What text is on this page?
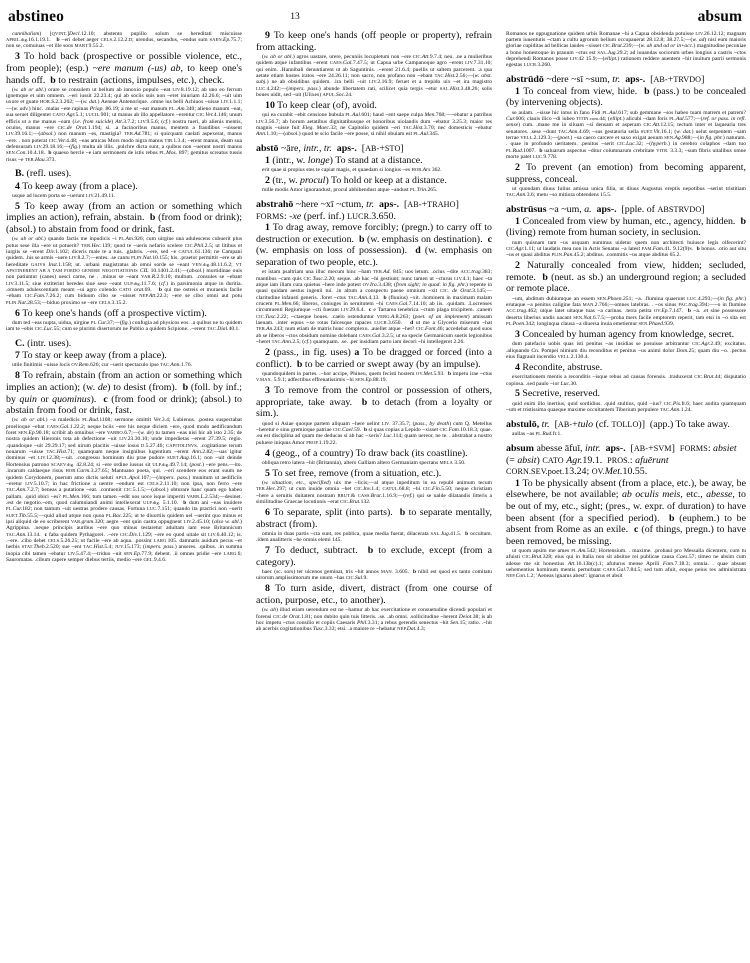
abstineo	13	absum

cannibalism) [QVINT.]Decl.12.10; abstento pupillo solum se hereditati miscuisse APRIL.dig.16.1.19.1.   b ~eri debet aeger CELS.2.12.2.D; urendus, secandus, ~endus sum SAEN.Ep.75.7; non se, comuiuas ~et ille soos MART.9.55.2.

3 To hold back (prospective or possible violence, etc., from people); (esp.) ~ere manum (-us) ab, to keep one's hands off.  b to restrain (actions, impulses, etc.), check.

(w. ab or abl.) orare se consulem ut bellum ab innoxio populo ~eat LIV.8.19.12; ab uno eo ferrum ignemque et uim omnem. .~eri iussit 22.23.4; qui ab sociis suis non ~eret iniuriam 42.26.6; ~uit uim uxore et guato HOR.S.2.3.202; —(w. dat.) Aeneae Antenorique. .omne ius belli Achiuos ~uisse LIV.1.1.1;—(w. adv.) hinc. .malas ~ete rapinas Priap. 86.19; a me ut ~eat manum PL..Am.340; alieno manum ~eat, sua seruet diligenter CATO Agr.5.1; LUCIL.901; ut manus ab illo appellatore ~erentur CIC.Ver.4.146; unum efficis ut a me manus ~eam (i.e. from suicide) Att.3.7.2; LIV.9.5.6; (cf.) nostra tueri, ab alienis mentis, oculos, manus ~ere CIC.de Orat.1.194; si. .a facinoribus manus, mentem a fraudibus ~uissent LIV.39.16.1;—(absol.) non manum ~es, mastigia? TER.Ad.781; si quicquam caelati aspexerat, manus ~ere. . non poterat CIC.Ver.4.48; ~eas amicas Mors modo nigra manus TIB.1.3.4; ~erent manus, deam sua defensuram LIV.29.18.16;—(fig.) multa ab illis. .pulchre dicta sunt, a quibus non ~uerunt nostri manus SEN.Con.10.4.18.  b quaeso hercle ~e iam sermonem de istis rebus PL.Mos. 897; gemitus screatus tussis risus ~e TER.Hau.373.

B. (refl. uses).

4 To keep away (from a place).

usque ad lucem porta se ~uerunt LIV.21.49.11.

5 To keep away (from an action or something which implies an action), refrain, abstain.  b (from food or drink); (absol.) to abstain from food or drink, fast.

(w. ab or abl.) quando factis me inpudicis ~i PL.Am.926; cum uirgine una adulescens cubuerit plus potus sese illa ~ere ut potuerit? TER.Hec.139; quod te ~ueris nefario scelere CIC.Phil.2.5; ut litibus et iurgiis se ~erent Div.1.102; diceris male te a tuis. .glabris. .~ere, sed ~e CATUL.61.136; ne Campani quidem. .his se armis ~uere LIV.8.2.7;—entes. .se cantu PLIN.Nat.10.155; his. .praetor permittit ~ere se ab hereditate GAIVS Inst.1.158; ut. .urbani magistratus ab omni sorde se ~eant VEN.dig.48.11.6.2; VT APSTINERENT AB A TAM FOEDO GENERE NEGOTIATIONIS CIL 10.1401.2.41;—(absol.) mortidinae ouis non patiuntur (canes) uesci carne, ne . .minus se ~eant VAR.R.2.9.10; multum. .consules se ~ebant LIV.3.11.5; siue extiterint heredes siue sese ~eant ULP.dig.11.7.6; (cf.) in parsimonia atque in duritia. .omnem adulescentiam meam ~ui agro colendo CATO orat.69.   b qui me ostreis et muraenis facile ~ebam CIC.Fam.7.26.2; cum biduum cibo se ~uisset NEP.Att.22.3; ~ere se cibo omni aut potu PLIN.Nat.28.53;—biduo proximo se ~ere CELS.3.15.2.

6 To keep one's hands (off a prospective victim).

dum ted ~eas nupta, uidua, uirgine PL.Cur.37;—(fig.) confugia ad physicos eos. .a quibus ne tu quidem iam te ~ebis CIC.Luc.55; cum se plurimi disertorum ne Publio a quidem Scipione. .~erent TAC.Dial.40.1.

C. (intr. uses).

7 To stay or keep away (from a place).

utile finitimis ~uisse locis OV.Rem.626; cur ~uerit spectaculo ipse TAC.Ann.1.76.

8 To refrain, abstain (from an action or something which implies an action); (w. de) to desist (from).  b (foll. by inf.; by quin or quominus).  c (from food or drink); (absol.) to abstain from food or drink, fast.

(w. ab or abl.) ~a maledicis PL.Rud.1108; sermone omittit Ver.3.4; Lubienus. .postea suspectabat proelioque ~ebat CAES.Gal.1.22.2; neque bciis ~ere his neque diciem ~ere, quod modo aedificandum foret SEN.Ep.90.18; scribit ab omnibus ~ere VARRO.6.7;—(w. de) tu tamen ~eas nisi hic ab isto 2.35; de nostra quidem Hieronis tota ab defectione ~uit LIV.23.30.10; unde impedietas ~erent 27.39.5; regio. .quandoque ~uit 29.29.17; sed uirum placitis ~uisse iosus D.5.27.46; CAPITOLINVS. .cogitatione rerum nouarum ~uisse TAC.Hist.71; quamquam neque insignibus lugentium ~erent Ann.2.82;—uas igitur dominus ~et LIV.12.38;—uit. .congressu hominum diu prae pudore SUET.Aug.16.1; non ~uit deinde Hortensius patrono SCAEV.dig. 42.8.24; si ~ere ordine iussus sit ULP.dig.49.7.14; (post.) ~ere pens.—ito. .inrarum caldaeque risus HOR.Carm.3.27.65; Mantuano poeta, qui. .~eri scendere eos erant suum ne quidem Corydonem, puerum amo dictis ueluti APUL.Apol.107;—(impers. pass.) munitum ut aedificiis ~eretur LIV.5.10.7; in hac frictione a uentre ~endum est CELS.2.11.10; non ipsa, non ferro ~ere TAC.Ann.7.2.7; beneas a putatione ~eat. .contuenit CIC.5.1.5;—(absol.) obturare hanc quam ego habeo pallam. .quid obici ~es? PL.Men.166; tum tamen ~edit uos uoce isque imperiti VARR.L.2.534;—desinet. .est de negotio.~em, quod calumniandi animi intellexerat ULP.dig. 5.1.10.  b dum ani ~eas inuidere PL.Cur.182; non tantum ~uit uestras prodere causas. Fortuna LUC.7.151; quando ita practici non ~uerit SUET.Tib.55.5;—quid aliud atque non quoa PL.Bac.225; ut te diuortiis quidem uel ~uerint quo minus et ipsi aliquid de eo scriberent VAR.gram.320; aegre ~ent quin castra oppugnent LIV.2.45.10; (also w. abl.) Agrippina. .neque principis auribus ~ere quo minus testaretur adultam iam esse Britannicum TAC.Ann.13.14.  c faba quidem Pythagorei. .~ere CIC.Div.1.129; ~ere eo quod uitale sit LIV.6.40.12; is. .~ere. .cibo debet CELS.5.26.25; ut facile ~ere ab aqua. .possint LARG.105. damnatis auidum pecus ~et herbis STAT.Theb.2.520; sue ~ent TAC.Hist.5.4; JUV.15.173; (impers. pass.) anseres. .quibus. .in summa inopia cibi tamen ~ebatur LIV.5.47.4;—triduo ~uit SEN.Ep.77.9; debent. .ii omnes pridie ~ere LARG.6; Sauromatas. .cibum capere semper diebus tertiis, medio ~ere GEL.9.4.6.

9 To keep one's hands (off people or property), refrain from attacking.

(w. ab or abl.) agros uastare, urere, pecuniis locupletum non ~ere CIC.Att.9.7.4; neu. .ne a mulieribus quidem atque infantibus ~erent CAES.Gal.7.47.5; ut Capua urbe Campanoque agro ~erent LIV.7.31.10; qui enim. .Hannibali denuntiarent ut ab Saguntinis. .~erent 21.6.4; puellis ut saltem parcerent. .a qua aetate etiam hostes iratos ~ere 24.26.11; non sacro, non profano non ~ebant TAC.Hist.2.56;—(w. abst. subj.) ne ab obsidibus quidem. .ira belli ~uit LIV.2.16.9; feruet et a trepido uix ~et ira magistro LUC.4.242;—(impers. pass.) abunde libertatem rati, scilicet quia tergis ~etur SAL.Hist.3.48.26; solis boues uidit, sed ~uit (Ulixes) APUL.Soc.24.

10 To keep clear (of), avoid.

qui ea curabit ~ebit censione bubula PL.Aul.601; haud ~ent saepe culpa Men.768;—~ebatur a patribus LIV.3.56.7; ab horum aetatibus dignitatibusque et honoribus uiolandis dum ~ebatur 3.25.3; maior res magnis ~uisse fuit Eleg. Maec.32; ne Capitolio quidem ~eri TAC.Hist.3.70; nec domesticis ~ebatur Ann.1.10;—(absol.) quod te scio facile ~ere posse, si nihil obuiam est PL.Aul.345.

abstō ~āre, intr., tr. aps-.  [AB-+STO]

1 (intr., w. longe) To stand at a distance.

erit quae si propius stes te capiat magis, et quaedam si longius ~es HOR.Ars 362.

2 (tr., w. procul) To hold or keep at a distance.

mille modis Amor ignorandust, procul abhibendust atque ~andust PL.Trin.265.

abstrahō ~here ~xī ~ctum, tr. aps-.  [AB-+TRAHO]  FORMS: -xe (perf. inf.) LUCR.3.650.

1 To drag away, remove forcibly; (pregn.) to carry off to destruction or execution.  b (w. emphasis on destination).  c (w. emphasis on loss of possession).  d (w. emphasis on separation of two people, etc.).

et istam psaltriam una illuc mecum hinc ~ham TER.Ad. 845; uos letum. .oclus ~dite ACC.trag.383; mantibus ~cam quis CIC.Tusc.2.20; seque. .ab hac ~hi gestiunt; nunc tamen ut ~cturus LIV.4.1; haec ~ta atque iam illam cura quietus ~here inde potest OV.Ira.3.438; (from sight; in quod. in fig. phr.) repente in quasi quidam aestus ingenii tui. .in altum a conspectu paene omnium ~xit CIC. de Orat.3.145;—claritudine infausti generis. .foret ~ctus TAC.Ann.4.13.  b (fluuius) ~xit. .hominem in maximam malam crucem PL.Men.66; liberos, coniuges in seruitutem ~hi CAES.Gal.7.14.10; ab iis. .quidam. .Locrenses circumuenti Regiumque ~cti fuerant LIV.29.6.4.  c e Tartarea tenebrica ~ctum plaga tricipitem. .canem CIC.Tusc.2.22; ~ctaeque boues. .caelo ostenduntur VERG.A.8.263; (poet. of an implement) amissam laeuam. .inter equos ~xe rotas falcesque rapaces LUCR.3.650.   d ut me a Glycerio miserum ~hat TER.An.243; num etiam de matris hunc complexu. .auellet atque ~het? CIC.Font.46; accedebat quod suos ab se liberos ~ctos obsidum nomine dolebant CAES.Gal.3.2.5; ut ea specie Germanicum suetis legionibus ~heret TAC.Ann.2.5; (cf.) quamquam. .se. .per insidiam parto iam decori ~hi intellegeret 2.26.

2 (pass., in fig. uses) a To be dragged or forced (into a conflict).  b to be carried or swept away (by an impulse).

quandoquidem in partes. .~hor accipe, Phineu, quem fecisti hostem OV.Met.5.93.  b impetu irae ~ctus V.MAX. 5.9.1; adfectibus effrenatissimis ~hi SEN.Ep.88.19.

3 To remove from the control or possession of others, appropriate, take away.  b to detach (from a loyalty or sim.).

quod si Asiae quoque partem aliquam ~here uelint LIV. 37.35.7; (pass., by death) cum Q. Metellus ~heretur e sinu gremioque patriae CIC.Cael.59.  b si quas copias a Lepido ~xisset CIC.Fam.10.18.3; quae. .ea est disciplina ad quam me deducas si ab hac ~xeris? Luc.114; quam uereor, ne te. . abstrahat a nostro puluere iniquus Amor PROP.1.19.22.

4 (geog., of a country) To draw back (its coastline).

obliqua retro latera ~hit (Britannia), altero Galliam altero Germaniam spectans MELA 3.50.

5 To set free, remove (from a situation, etc.).

(w. situation, etc., specified) uix me ~licis;—al atque inpeditum in ea republ animum tecum TER.Hec.297; ut cum inuide omnia ~het CIC.Inv.1.4; CATUL.68.8; ~hi CIC.Fin.5.50; neque christiam ~here a seruitis duitatem nostram BRUT.& CASS.Brut.1.16.9;—(ref.) qui se ualde dilatandis litteris a similitudine Graecae locutionis ~erat CIC.Brut.132.

6 To separate, split (into parts).  b to separate mentally, abstract (from).

omnia in duas partis ~cta sunt, res publica, quae media fuerat, dilacerata SAL.Jug.41.5.  b occultam. .idem analitteris ~he omnis elemi 145.

7 To deduct, subtract.  b to exclude, except (from a category).

haec (sc. sors) ter uicenos geminat, tris ~hit annos MAN. 3.605.  b nihil est quod ex tanto comitatu uirorum amplissimorum me unum ~has CIC.Sul.9.

8 To turn aside, divert, distract (from one course of action, purpose, etc., to another).

(w. ab) illud etiam uerendum est ne ~hamur ab hac exercitatione et consuetudine dicendi populari et forensi CIC.de Orat.1.81; non dubito quin tuis litteris. .se. .ab omni. .sollicitudine ~herent Deiot.38; is ab hoc impetu ~ctus consilio et copiis Caesaris Phil.3.31; a rebus gerendis senectus ~hit Sen.15; ratio. .~hit ab acerbis cogitationibus Tusc.3.33; etsi. .a maiore re ~hebatur NEP.Dat.4.3;

Romanos ne oppugnatione quidem urbis Romanae ~hi a Capua obsidenda potuisse LIV.26.12.12; magnam partem iuuentutis ~ctam a cultu agrorum bellum occupauerat 28.12.8; 38.27.5;—(w. ad) nisi eum maioris gloriae cupiditas ad bellicas laudes ~xisset CIC.Brut.239;—(w. ab and ad or in+acc.) magnitudine pecuniae a bono honestoque in prauum ~ctus est SAL.Jug.29.2; ad iuuandas sociorum urbes longius a castris ~ctos deprehendi Romanos posse LIV.42 15.9;—(ellipt.) rationem reddere auentem ~hit inuitum patrii sermonis egestas LUCR.3.260.

abstrūdō ~dere ~sī ~sum, tr. aps-.  [AB-+TRVDO]

1 To conceal from view, hide.  b (pass.) to be concealed (by intervening objects).

se aulam. .~sisse hic intus in fano Fidi PL.Aul.617; sub gemmane ~sos habeo tuam matrem et patrem? Cur.606; clauis ilico ~di iubeo TITIN.com.44; (ellipt.) alicubi ~dam foris PL.Aul.577;—(ref. or pass. in refl. sense) cum. .mane me in siluam ~sí densam et asperam CIC.Att.12.15; tectum inter et laquearia tres senatores. .sese ~dunt TAC.Ann.4.69; ~sus gestatoria sella SUET.Vit.16.1; (w. dat.) uelut serpentem ~sam terrae VELL.2.129.3;—(poet.) ~sa caeco carcere et saxo exigat aeuum SEN.Ag.988;—(in fig. phr.) naturam. . quae in profundo ueritatem. .penitus ~serit CIC.Luc.32; ~(hyperb.) in cerebro colaphos ~dam tuo PL.Rud.1007.  b ualuarum aspectus ~ditur columnarum crebritate VITR. 3.3.3; ~sum fibris uitalibus omne morte patet LUC.9.778.

2 To prevent (an emotion) from becoming apparent, suppress, conceal.

ut quondam diuus Iulius amissa unica filia, ut diuus Augustus ereptis nepotibus ~serint tristitiam TAC.Ann.3.6; metu ~so mitiora obtendens 15.5.

abstrūsus ~a ~um, a. aps-.  [pple. of ABSTRVDO]

1 Concealed from view by human, etc., agency, hidden.  b (living) remote from human society, in seclusion.

num quisnam tam ~us usquam nummus uidetur quem non architecti huiusce legis olfecerint? CIC.Agr.1.11; ut laudatis mea non in Actis Senatus ~a latest FAM.Fam.41. 9.12(9)S.  b bonus. .otio aut situ ~us et quasi abditus PLIN.Pan.45.2; abditus. .commitis ~us atque abditus 65.2.

2 Naturally concealed from view, hidden; secluded, remote.  b (neut. as sb.) an underground region; a secluded or remote place.

~um, abditum dubiumque an essem SEN.Phoen.251; ~a. .flumina quaerunt LUC.4.293;—(in fig. phr.) erutaque ~a penitus caligine fata MAN.2.766;—omnes latebras. . ~os sinus PAC.trag.394;—~o in flumine ACC.trag.462; utque latet uitaque tuas ~a carinas. .terra petita OV.Ep.7.147.  b ~a. .et sine possessore deserta liberius undis uacant SEN.Nat.6.7.5;—proba mers facile emptorem reperit, tam etsi in ~o sita est PL.Poen.342; longinqua clausa ~a diuersa inuia emetiemur SEN.Phaed.939.

3 Concealed by human agency from knowledge, secret.

dum patefacio uobis quas isti penitus ~as insidias se posuisse arbitrantur CIC.Agr.2.49; excitatus. .aliquando Cn. Pompei nimium diu reconditus et penitus ~us animi dolor Dom.25; quam diu ~o. .pectus eius flagrauit incendio VELL.2.130.4.

4 Recondite, abstruse.

exercitationem mentis a reconditis ~isque rebus ad causas forensis. .traduxerat CIC.Brut.44; disputatio copiosa. .sed paulo ~ior Luc.30.

5 Secretive, reserved.

quid enim illo inertius, quid sordidius. .quid stultius, quid ~ius? CIC.Pis.fr.6; haec audita quamquam ~um et tristissima quaeque maxime occultantem Tiberium perpulere TAC.Ann.1.24.

abstulō, tr.  [AB-+tulo (cf. TOLLO)]  (app.) To take away.

aullas ~as PL.Rud.fr.1.

absum abesse āfuī, intr. aps-.  [AB-+SVM]  FORMS: absiet (= absit) CATO Agr.19.1.  PROS.: afuērunt CORN.SEV.poet.13.24; OV.Met.10.55.

1 To be physically absent (from a place, etc.), be away, be elsewhere, be not available; ab oculis meis, etc., abesse, to be out of my, etc., sight; (pres., w. expr. of duration) to have been absent (for a specified period).  b (euphem.) to be absent from Rome as an exile.  c (of things, pregn.) to have been removed, be missing.

ut quom apsim me ames PL.Am.542; Hortensium. . maxime. .probaui pro Messalla dicentem, cum tu afuisti CIC.Brut.328; eius qui in Italia non sit absitue rei publicae causa Caes.57; timeo ne absim cum adesse me sit honestius Att.16.13b(c).1; afuturus mense Aprili Fam.7.18.3; omnia. . quae absunt uehementius hominum mentis perturbant CAES.Gal.7.84.5; sed tum afuit, eoque peius res administrata NEP.Con.1.2; 'Aeneas ignarus abest': ignarus et absit
